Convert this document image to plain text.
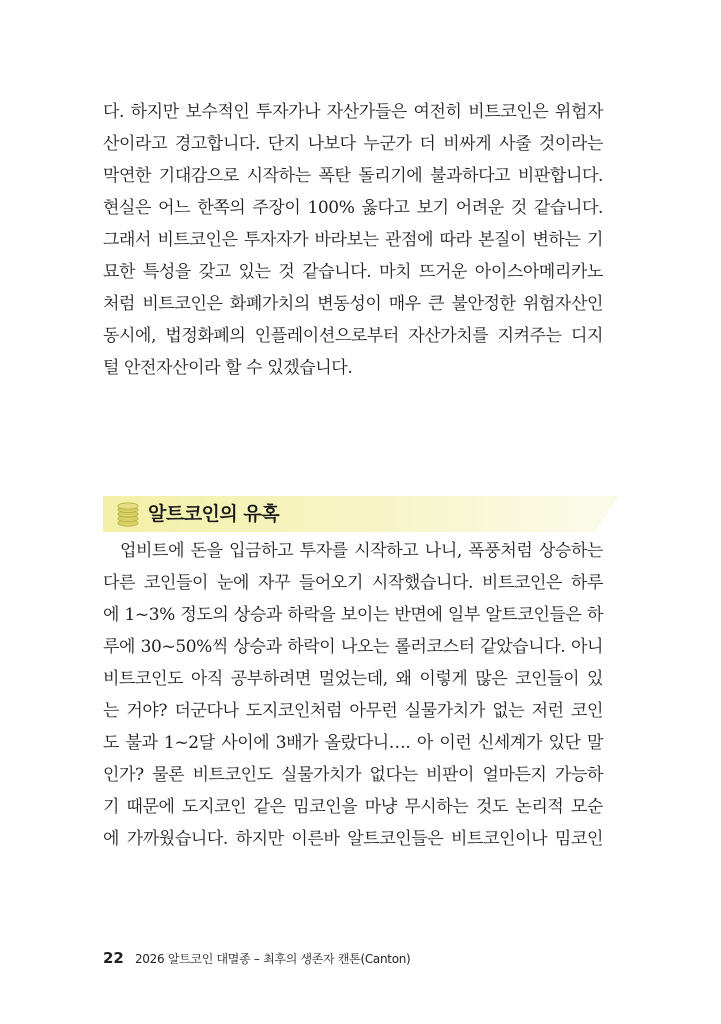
다. 하지만 보수적인 투자가나 자산가들은 여전히 비트코인은 위험자
산이라고 경고합니다. 단지 나보다 누군가 더 비싸게 사줄 것이라는
막연한 기대감으로 시작하는 폭탄 돌리기에 불과하다고 비판합니다.
현실은 어느 한쪽의 주장이 100% 옳다고 보기 어려운 것 같습니다.
그래서 비트코인은 투자자가 바라보는 관점에 따라 본질이 변하는 기
묘한 특성을 갖고 있는 것 같습니다. 마치 뜨거운 아이스아메리카노
처럼 비트코인은 화폐가치의 변동성이 매우 큰 불안정한 위험자산인
동시에, 법정화폐의 인플레이션으로부터 자산가치를 지켜주는 디지
털 안전자산이라 할 수 있겠습니다.
알트코인의 유혹
업비트에 돈을 입금하고 투자를 시작하고 나니, 폭풍처럼 상승하는
다른 코인들이 눈에 자꾸 들어오기 시작했습니다. 비트코인은 하루
에 1~3% 정도의 상승과 하락을 보이는 반면에 일부 알트코인들은 하
루에 30~50%씩 상승과 하락이 나오는 롤러코스터 같았습니다. 아니
비트코인도 아직 공부하려면 멀었는데, 왜 이렇게 많은 코인들이 있
는 거야? 더군다나 도지코인처럼 아무런 실물가치가 없는 저런 코인
도 불과 1~2달 사이에 3배가 올랐다니…. 아 이런 신세계가 있단 말
인가? 물론 비트코인도 실물가치가 없다는 비판이 얼마든지 가능하
기 때문에 도지코인 같은 밈코인을 마냥 무시하는 것도 논리적 모순
에 가까웠습니다. 하지만 이른바 알트코인들은 비트코인이나 밈코인
22 2026 알트코인 대멸종 – 최후의 생존자 캔톤(Canton)
